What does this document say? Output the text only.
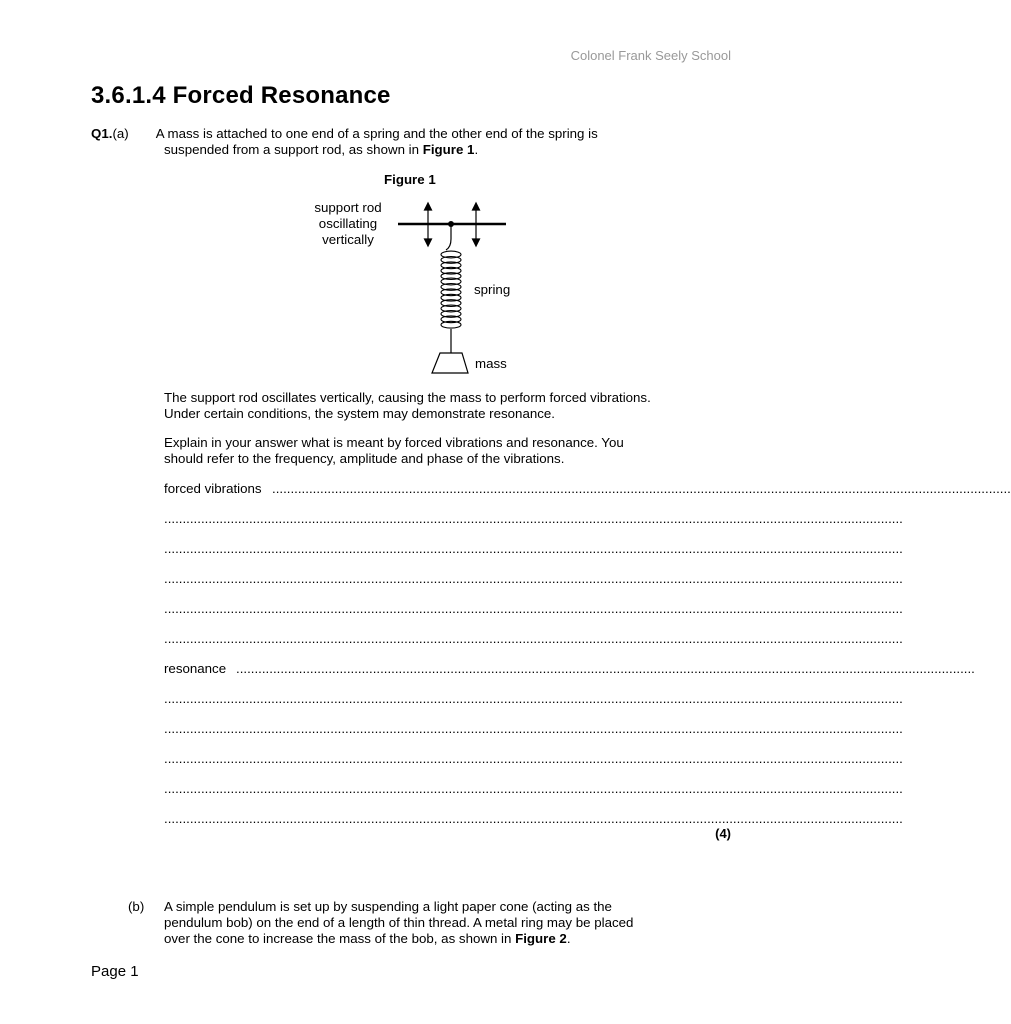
Colonel Frank Seely School
3.6.1.4 Forced Resonance
Q1.(a) A mass is attached to one end of a spring and the other end of the spring is
suspended from a support rod, as shown in Figure 1.
Figure 1
support rod
oscillating
vertically
spring
mass
The support rod oscillates vertically, causing the mass to perform forced vibrations.
Under certain conditions, the system may demonstrate resonance.
Explain in your answer what is meant by forced vibrations and resonance. You
should refer to the frequency, amplitude and phase of the vibrations.
forced vibrations ........................................................................................................................................................................................................
........................................................................................................................................................................................................
........................................................................................................................................................................................................
........................................................................................................................................................................................................
........................................................................................................................................................................................................
........................................................................................................................................................................................................
resonance ........................................................................................................................................................................................................
........................................................................................................................................................................................................
........................................................................................................................................................................................................
........................................................................................................................................................................................................
........................................................................................................................................................................................................
........................................................................................................................................................................................................
(4)
(b) A simple pendulum is set up by suspending a light paper cone (acting as the
pendulum bob) on the end of a length of thin thread. A metal ring may be placed
over the cone to increase the mass of the bob, as shown in Figure 2.
Page 1
